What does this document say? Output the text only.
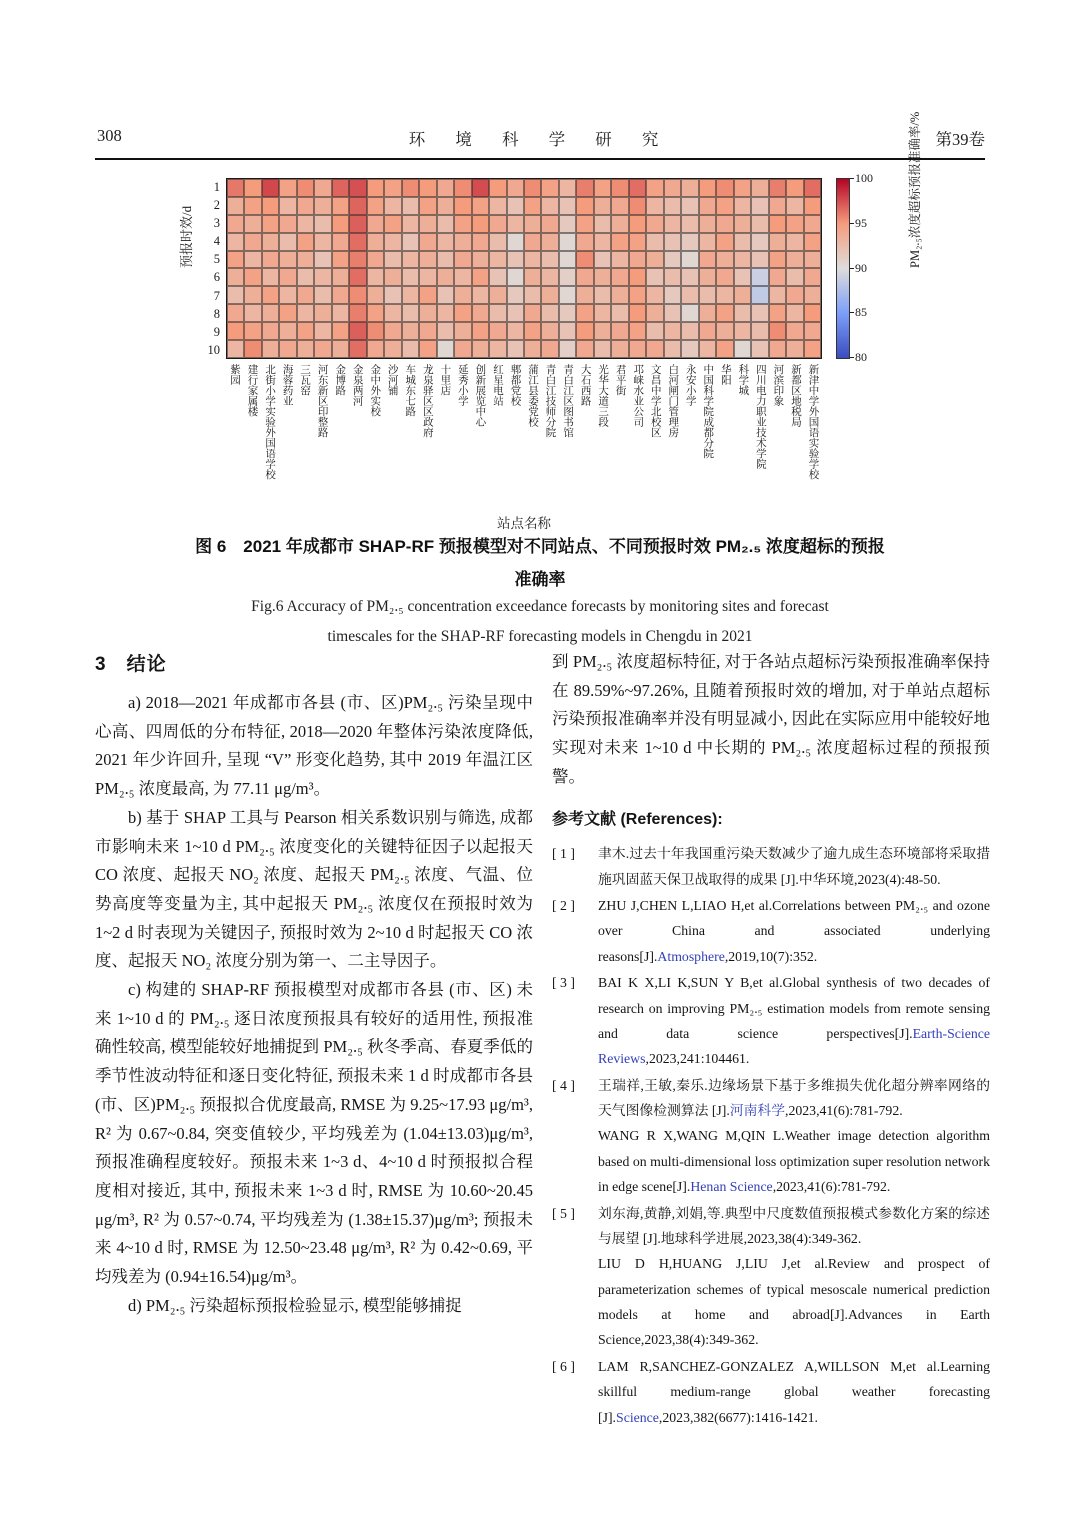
308	环 境 科 学 研 究	第39卷
预报时效/d
1
2
3
4
5
6
7
8
9
10
紫园 建行家属楼 北街小学实验外国语学校 海蓉药业 三瓦窑 河东新区印整路 金博路 金泉两河 金中外实校 沙河铺 车城东七路 龙泉驿区区政府 十里店 延秀小学 创新展览中心 红星电站 郫都党校 蒲江县委党校 青白江技师分院 青白江区图书馆 大石西路 光华大道三段 君平街 邛崃水业公司 文昌中学北校区 白河闸门管理房 永安小学 中国科学院成都分院 华阳 科学城 四川电力职业技术学院 河滨印象 新都区地税局 新津中学外国语实验学校
站点名称
100
95
90
85
80
PM₂.₅浓度超标预报准确率/%
图 6　2021 年成都市 SHAP-RF 预报模型对不同站点、不同预报时效 PM₂.₅ 浓度超标的预报
准确率
Fig.6 Accuracy of PM₂.₅ concentration exceedance forecasts by monitoring sites and forecast
timescales for the SHAP-RF forecasting models in Chengdu in 2021
3　结论

a) 2018—2021 年成都市各县 (市、区)PM₂.₅ 污染呈现中心高、四周低的分布特征, 2018—2020 年整体污染浓度降低, 2021 年少许回升, 呈现 “V” 形变化趋势, 其中 2019 年温江区 PM₂.₅ 浓度最高, 为 77.11 μg/m³。

b) 基于 SHAP 工具与 Pearson 相关系数识别与筛选, 成都市影响未来 1~10 d PM₂.₅ 浓度变化的关键特征因子以起报天 CO 浓度、起报天 NO₂ 浓度、起报天 PM₂.₅ 浓度、气温、位势高度等变量为主, 其中起报天 PM₂.₅ 浓度仅在预报时效为 1~2 d 时表现为关键因子, 预报时效为 2~10 d 时起报天 CO 浓度、起报天 NO₂ 浓度分别为第一、二主导因子。

c) 构建的 SHAP-RF 预报模型对成都市各县 (市、区) 未来 1~10 d 的 PM₂.₅ 逐日浓度预报具有较好的适用性, 预报准确性较高, 模型能较好地捕捉到 PM₂.₅ 秋冬季高、春夏季低的季节性波动特征和逐日变化特征, 预报未来 1 d 时成都市各县 (市、区)PM₂.₅ 预报拟合优度最高, RMSE 为 9.25~17.93 μg/m³, R² 为 0.67~0.84, 突变值较少, 平均残差为 (1.04±13.03)μg/m³, 预报准确程度较好。预报未来 1~3 d、4~10 d 时预报拟合程度相对接近, 其中, 预报未来 1~3 d 时, RMSE 为 10.60~20.45 μg/m³, R² 为 0.57~0.74, 平均残差为 (1.38±15.37)μg/m³; 预报未来 4~10 d 时, RMSE 为 12.50~23.48 μg/m³, R² 为 0.42~0.69, 平均残差为 (0.94±16.54)μg/m³。

d) PM₂.₅ 污染超标预报检验显示, 模型能够捕捉

到 PM₂.₅ 浓度超标特征, 对于各站点超标污染预报准确率保持在 89.59%~97.26%, 且随着预报时效的增加, 对于单站点超标污染预报准确率并没有明显减小, 因此在实际应用中能较好地实现对未来 1~10 d 中长期的 PM₂.₅ 浓度超标过程的预报预警。

参考文献 (References):
[ 1 ]	聿木.过去十年我国重污染天数减少了逾九成生态环境部将采取措施巩固蓝天保卫战取得的成果 [J].中华环境,2023(4):48-50.
[ 2 ]	ZHU J,CHEN L,LIAO H,et al.Correlations between PM₂.₅ and ozone over China and associated underlying reasons[J].Atmosphere,2019,10(7):352.
[ 3 ]	BAI K X,LI K,SUN Y B,et al.Global synthesis of two decades of research on improving PM₂.₅ estimation models from remote sensing and data science perspectives[J].Earth-Science Reviews,2023,241:104461.
[ 4 ]	王瑞祥,王敏,秦乐.边缘场景下基于多维损失优化超分辨率网络的天气图像检测算法 [J].河南科学,2023,41(6):781-792.
WANG R X,WANG M,QIN L.Weather image detection algorithm based on multi-dimensional loss optimization super resolution network in edge scene[J].Henan Science,2023,41(6):781-792.
[ 5 ]	刘东海,黄静,刘娟,等.典型中尺度数值预报模式参数化方案的综述与展望 [J].地球科学进展,2023,38(4):349-362.
LIU D H,HUANG J,LIU J,et al.Review and prospect of parameterization schemes of typical mesoscale numerical prediction models at home and abroad[J].Advances in Earth Science,2023,38(4):349-362.
[ 6 ]	LAM R,SANCHEZ-GONZALEZ A,WILLSON M,et al.Learning skillful medium-range global weather forecasting [J].Science,2023,382(6677):1416-1421.
